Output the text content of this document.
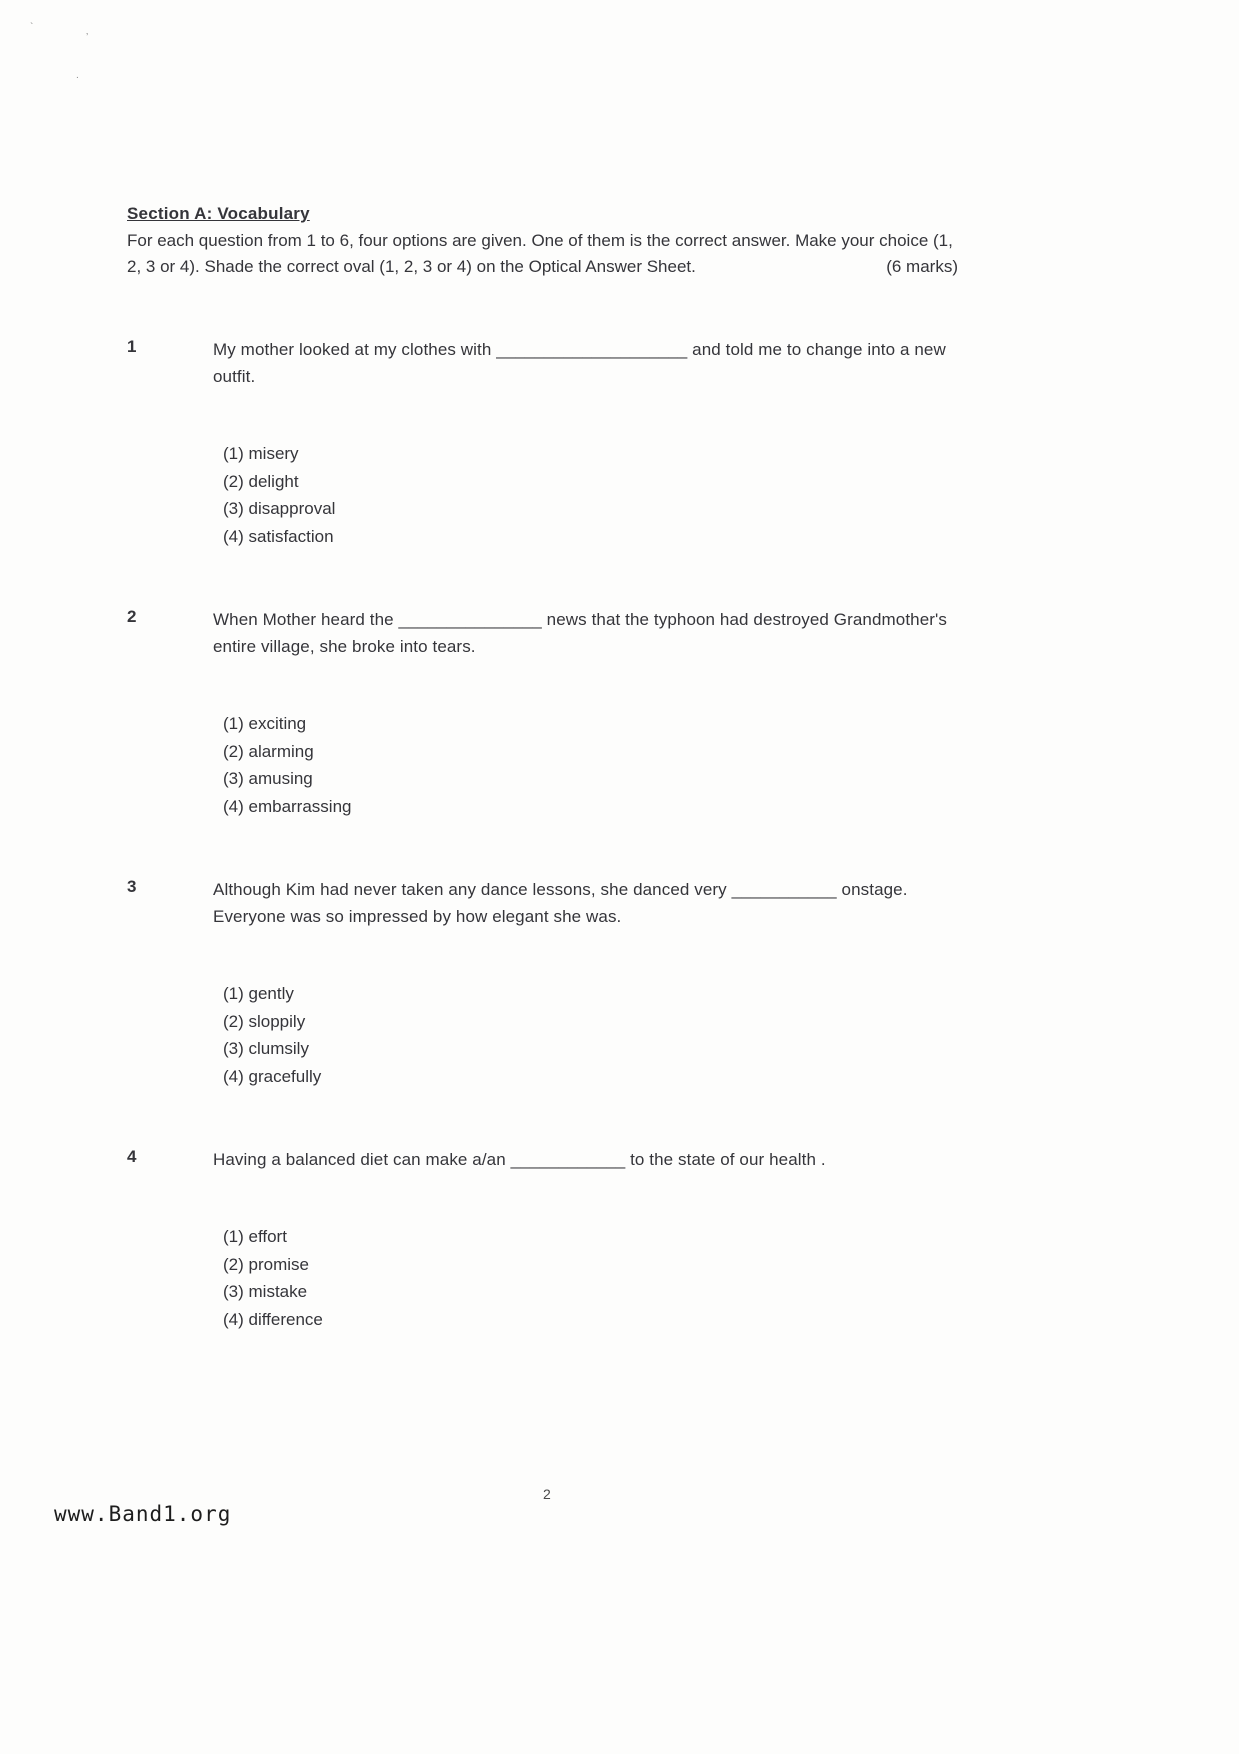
`	‚
.
Section A: Vocabulary

For each question from 1 to 6, four options are given. One of them is the correct answer. Make your choice (1, 2, 3 or 4). Shade the correct oval (1, 2, 3 or 4) on the Optical Answer Sheet.	(6 marks)

1	My mother looked at my clothes with ____________________ and told me to change into a new outfit.

(1) misery
(2) delight
(3) disapproval
(4) satisfaction
2	When Mother heard the _______________ news that the typhoon had destroyed Grandmother's entire village, she broke into tears.

(1) exciting
(2) alarming
(3) amusing
(4) embarrassing
3	Although Kim had never taken any dance lessons, she danced very ___________ onstage. Everyone was so impressed by how elegant she was.

(1) gently
(2) sloppily
(3) clumsily
(4) gracefully
4	Having a balanced diet can make a/an ____________ to the state of our health .

(1) effort
(2) promise
(3) mistake
(4) difference
2
www.Band1.org
